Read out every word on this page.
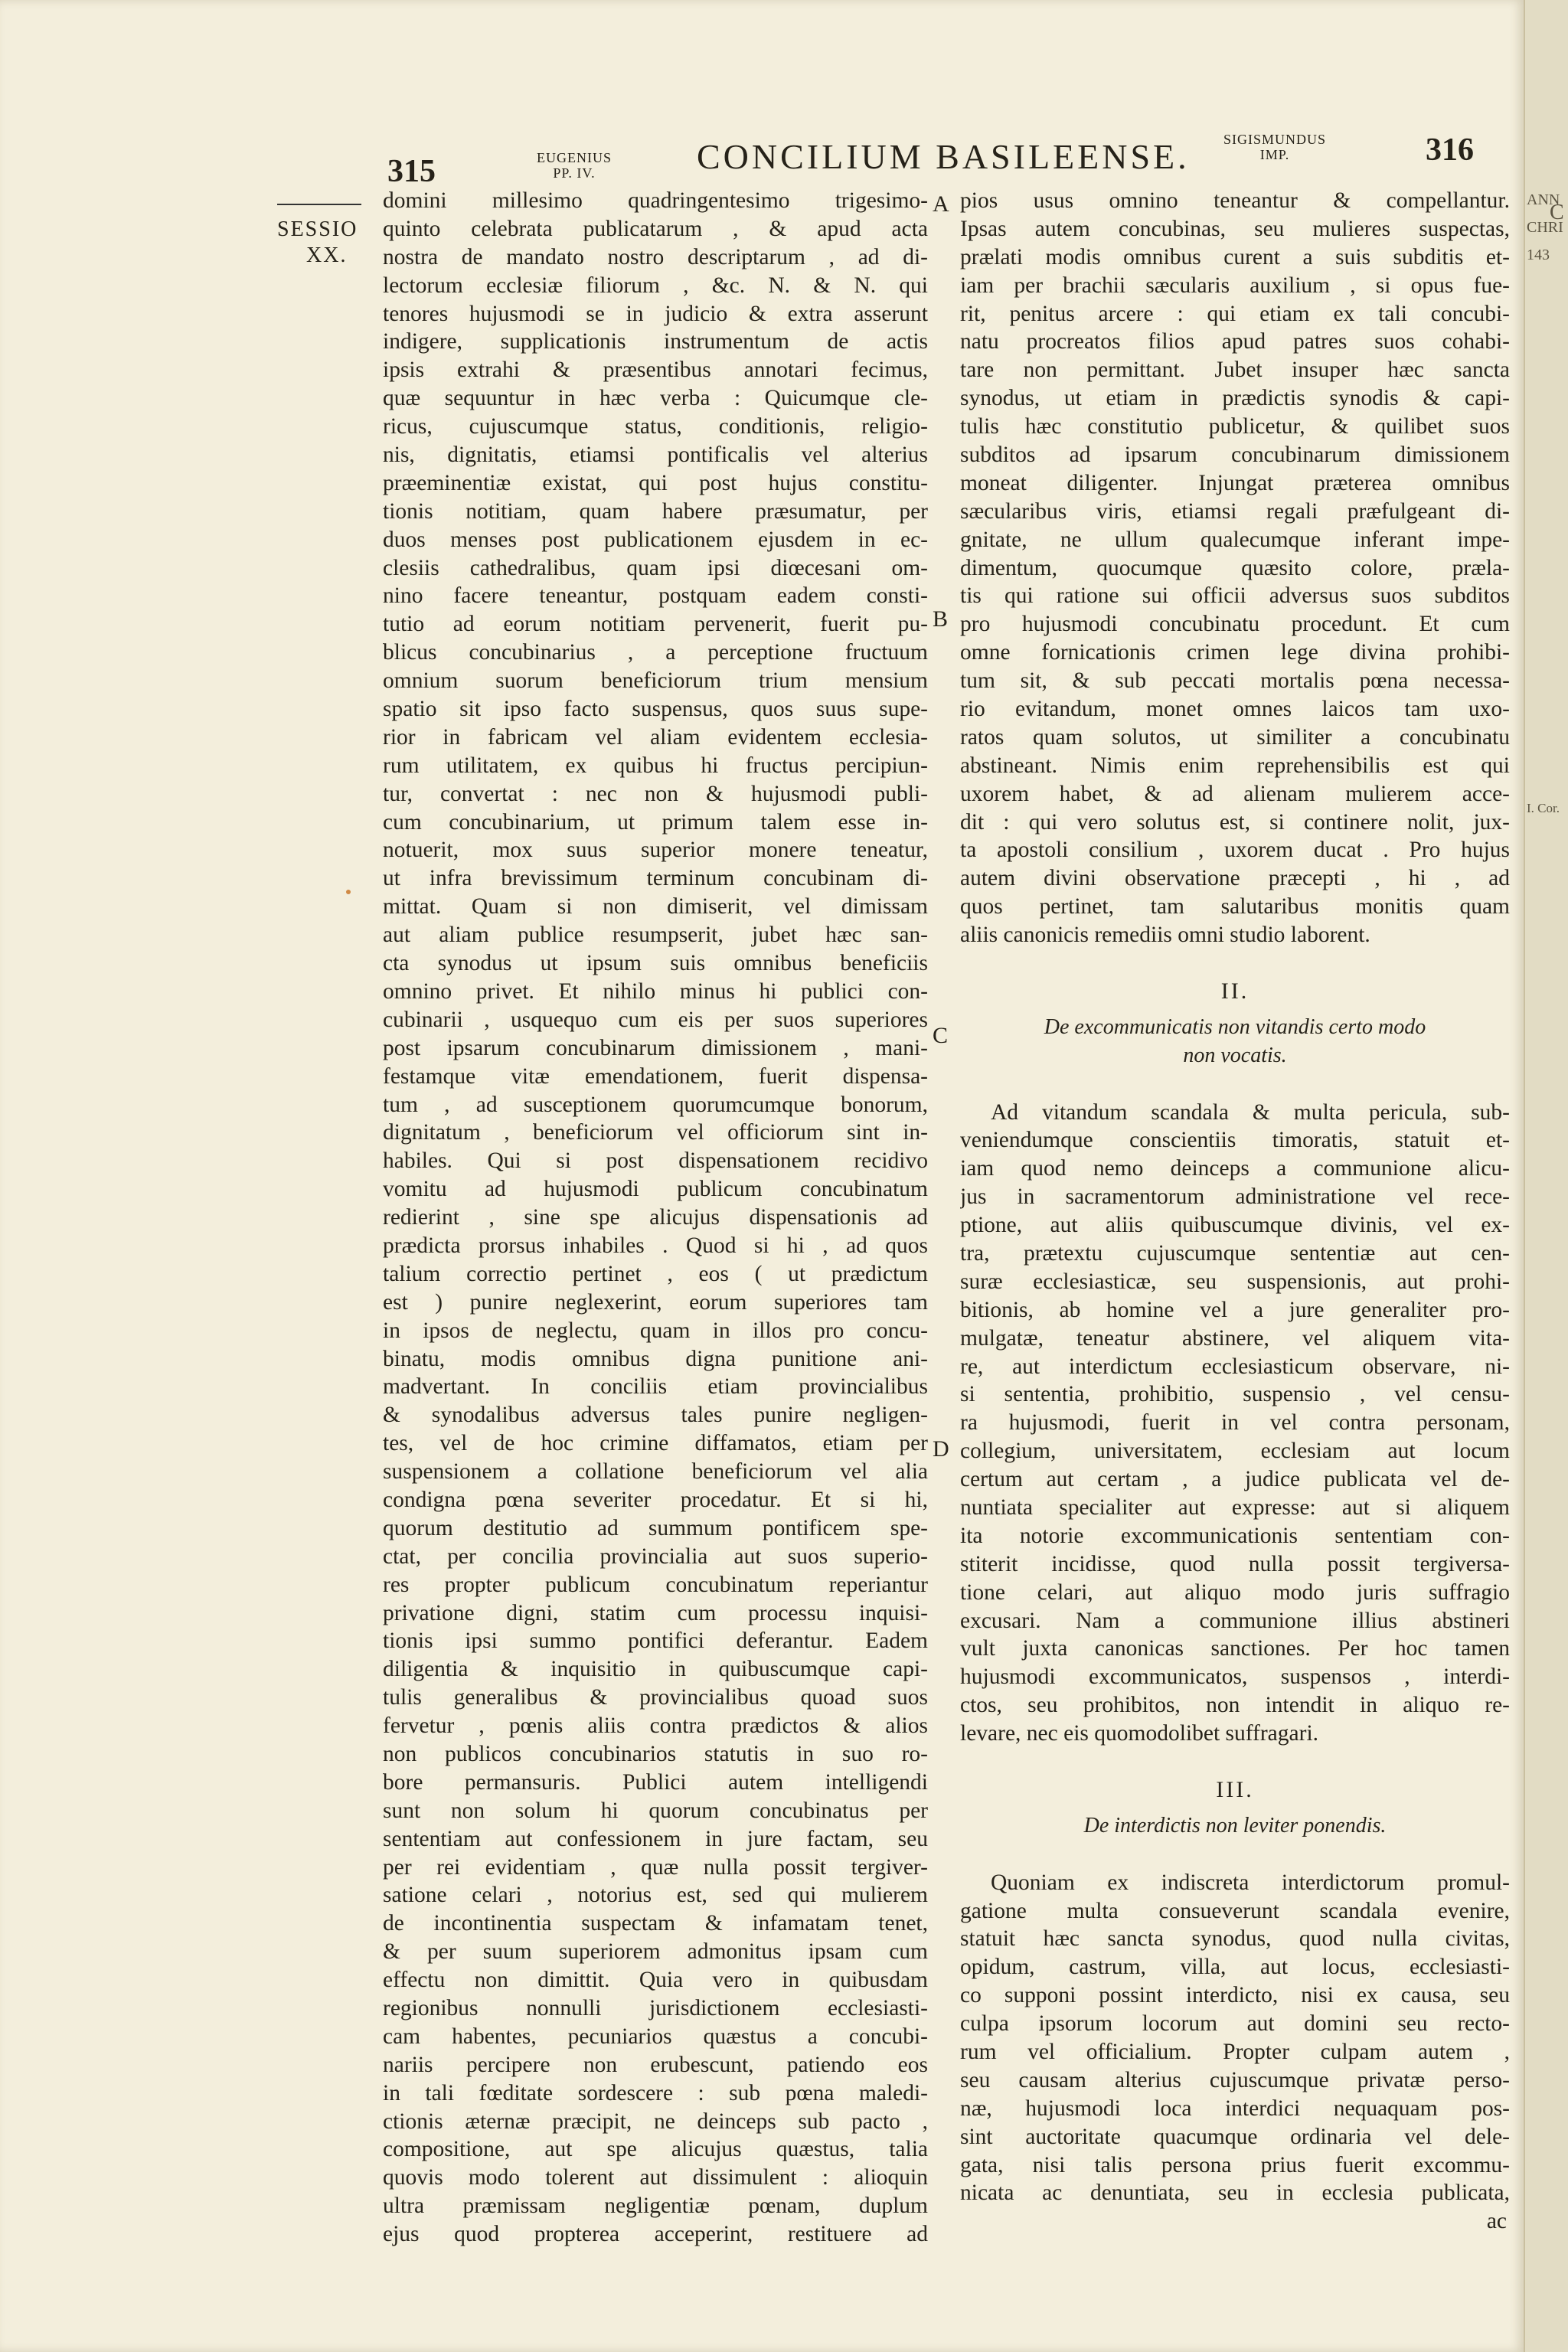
315	EUGENIUS
PP. IV.	CONCILIUM BASILEENSE.	SIGISMUNDUS
IMP.	316
SESSIO
XX.
A
B
C
D
ANN
CHRI
143
I. Cor.
C
domini millesimo quadringentesimo trigesimo-
quinto celebrata publicatarum , & apud acta
nostra de mandato nostro descriptarum , ad di-
lectorum ecclesiæ filiorum , &c. N. & N. qui
tenores hujusmodi se in judicio & extra asserunt
indigere, supplicationis instrumentum de actis
ipsis extrahi & præsentibus annotari fecimus,
quæ sequuntur in hæc verba : Quicumque cle-
ricus, cujuscumque status, conditionis, religio-
nis, dignitatis, etiamsi pontificalis vel alterius
præeminentiæ existat, qui post hujus constitu-
tionis notitiam, quam habere præsumatur, per
duos menses post publicationem ejusdem in ec-
clesiis cathedralibus, quam ipsi diœcesani om-
nino facere teneantur, postquam eadem consti-
tutio ad eorum notitiam pervenerit, fuerit pu-
blicus concubinarius , a perceptione fructuum
omnium suorum beneficiorum trium mensium
spatio sit ipso facto suspensus, quos suus supe-
rior in fabricam vel aliam evidentem ecclesia-
rum utilitatem, ex quibus hi fructus percipiun-
tur, convertat : nec non & hujusmodi publi-
cum concubinarium, ut primum talem esse in-
notuerit, mox suus superior monere teneatur,
ut infra brevissimum terminum concubinam di-
mittat. Quam si non dimiserit, vel dimissam
aut aliam publice resumpserit, jubet hæc san-
cta synodus ut ipsum suis omnibus beneficiis
omnino privet. Et nihilo minus hi publici con-
cubinarii , usquequo cum eis per suos superiores
post ipsarum concubinarum dimissionem , mani-
festamque vitæ emendationem, fuerit dispensa-
tum , ad susceptionem quorumcumque bonorum,
dignitatum , beneficiorum vel officiorum sint in-
habiles. Qui si post dispensationem recidivo
vomitu ad hujusmodi publicum concubinatum
redierint , sine spe alicujus dispensationis ad
prædicta prorsus inhabiles . Quod si hi , ad quos
talium correctio pertinet , eos ( ut prædictum
est ) punire neglexerint, eorum superiores tam
in ipsos de neglectu, quam in illos pro concu-
binatu, modis omnibus digna punitione ani-
madvertant. In conciliis etiam provincialibus
& synodalibus adversus tales punire negligen-
tes, vel de hoc crimine diffamatos, etiam per
suspensionem a collatione beneficiorum vel alia
condigna pœna severiter procedatur. Et si hi,
quorum destitutio ad summum pontificem spe-
ctat, per concilia provincialia aut suos superio-
res propter publicum concubinatum reperiantur
privatione digni, statim cum processu inquisi-
tionis ipsi summo pontifici deferantur. Eadem
diligentia & inquisitio in quibuscumque capi-
tulis generalibus & provincialibus quoad suos
fervetur , pœnis aliis contra prædictos & alios
non publicos concubinarios statutis in suo ro-
bore permansuris. Publici autem intelligendi
sunt non solum hi quorum concubinatus per
sententiam aut confessionem in jure factam, seu
per rei evidentiam , quæ nulla possit tergiver-
satione celari , notorius est, sed qui mulierem
de incontinentia suspectam & infamatam tenet,
& per suum superiorem admonitus ipsam cum
effectu non dimittit. Quia vero in quibusdam
regionibus nonnulli jurisdictionem ecclesiasti-
cam habentes, pecuniarios quæstus a concubi-
nariis percipere non erubescunt, patiendo eos
in tali fœditate sordescere : sub pœna maledi-
ctionis æternæ præcipit, ne deinceps sub pacto ,
compositione, aut spe alicujus quæstus, talia
quovis modo tolerent aut dissimulent : alioquin
ultra præmissam negligentiæ pœnam, duplum
ejus quod propterea acceperint, restituere ad
pios usus omnino teneantur & compellantur.
Ipsas autem concubinas, seu mulieres suspectas,
prælati modis omnibus curent a suis subditis et-
iam per brachii sæcularis auxilium , si opus fue-
rit, penitus arcere : qui etiam ex tali concubi-
natu procreatos filios apud patres suos cohabi-
tare non permittant. Jubet insuper hæc sancta
synodus, ut etiam in prædictis synodis & capi-
tulis hæc constitutio publicetur, & quilibet suos
subditos ad ipsarum concubinarum dimissionem
moneat diligenter. Injungat præterea omnibus
sæcularibus viris, etiamsi regali præfulgeant di-
gnitate, ne ullum qualecumque inferant impe-
dimentum, quocumque quæsito colore, præla-
tis qui ratione sui officii adversus suos subditos
pro hujusmodi concubinatu procedunt. Et cum
omne fornicationis crimen lege divina prohibi-
tum sit, & sub peccati mortalis pœna necessa-
rio evitandum, monet omnes laicos tam uxo-
ratos quam solutos, ut similiter a concubinatu
abstineant. Nimis enim reprehensibilis est qui
uxorem habet, & ad alienam mulierem acce-
dit : qui vero solutus est, si continere nolit, jux-
ta apostoli consilium , uxorem ducat . Pro hujus
autem divini observatione præcepti , hi , ad
quos pertinet, tam salutaribus monitis quam
aliis canonicis remediis omni studio laborent.
II.
De excommunicatis non vitandis certo modo
non vocatis.
Ad vitandum scandala & multa pericula, sub-
veniendumque conscientiis timoratis, statuit et-
iam quod nemo deinceps a communione alicu-
jus in sacramentorum administratione vel rece-
ptione, aut aliis quibuscumque divinis, vel ex-
tra, prætextu cujuscumque sententiæ aut cen-
suræ ecclesiasticæ, seu suspensionis, aut prohi-
bitionis, ab homine vel a jure generaliter pro-
mulgatæ, teneatur abstinere, vel aliquem vita-
re, aut interdictum ecclesiasticum observare, ni-
si sententia, prohibitio, suspensio , vel censu-
ra hujusmodi, fuerit in vel contra personam,
collegium, universitatem, ecclesiam aut locum
certum aut certam , a judice publicata vel de-
nuntiata specialiter aut expresse: aut si aliquem
ita notorie excommunicationis sententiam con-
stiterit incidisse, quod nulla possit tergiversa-
tione celari, aut aliquo modo juris suffragio
excusari. Nam a communione illius abstineri
vult juxta canonicas sanctiones. Per hoc tamen
hujusmodi excommunicatos, suspensos , interdi-
ctos, seu prohibitos, non intendit in aliquo re-
levare, nec eis quomodolibet suffragari.
III.
De interdictis non leviter ponendis.
Quoniam ex indiscreta interdictorum promul-
gatione multa consueverunt scandala evenire,
statuit hæc sancta synodus, quod nulla civitas,
opidum, castrum, villa, aut locus, ecclesiasti-
co supponi possint interdicto, nisi ex causa, seu
culpa ipsorum locorum aut domini seu recto-
rum vel officialium. Propter culpam autem ,
seu causam alterius cujuscumque privatæ perso-
næ, hujusmodi loca interdici nequaquam pos-
sint auctoritate quacumque ordinaria vel dele-
gata, nisi talis persona prius fuerit excommu-
nicata ac denuntiata, seu in ecclesia publicata,
ac
